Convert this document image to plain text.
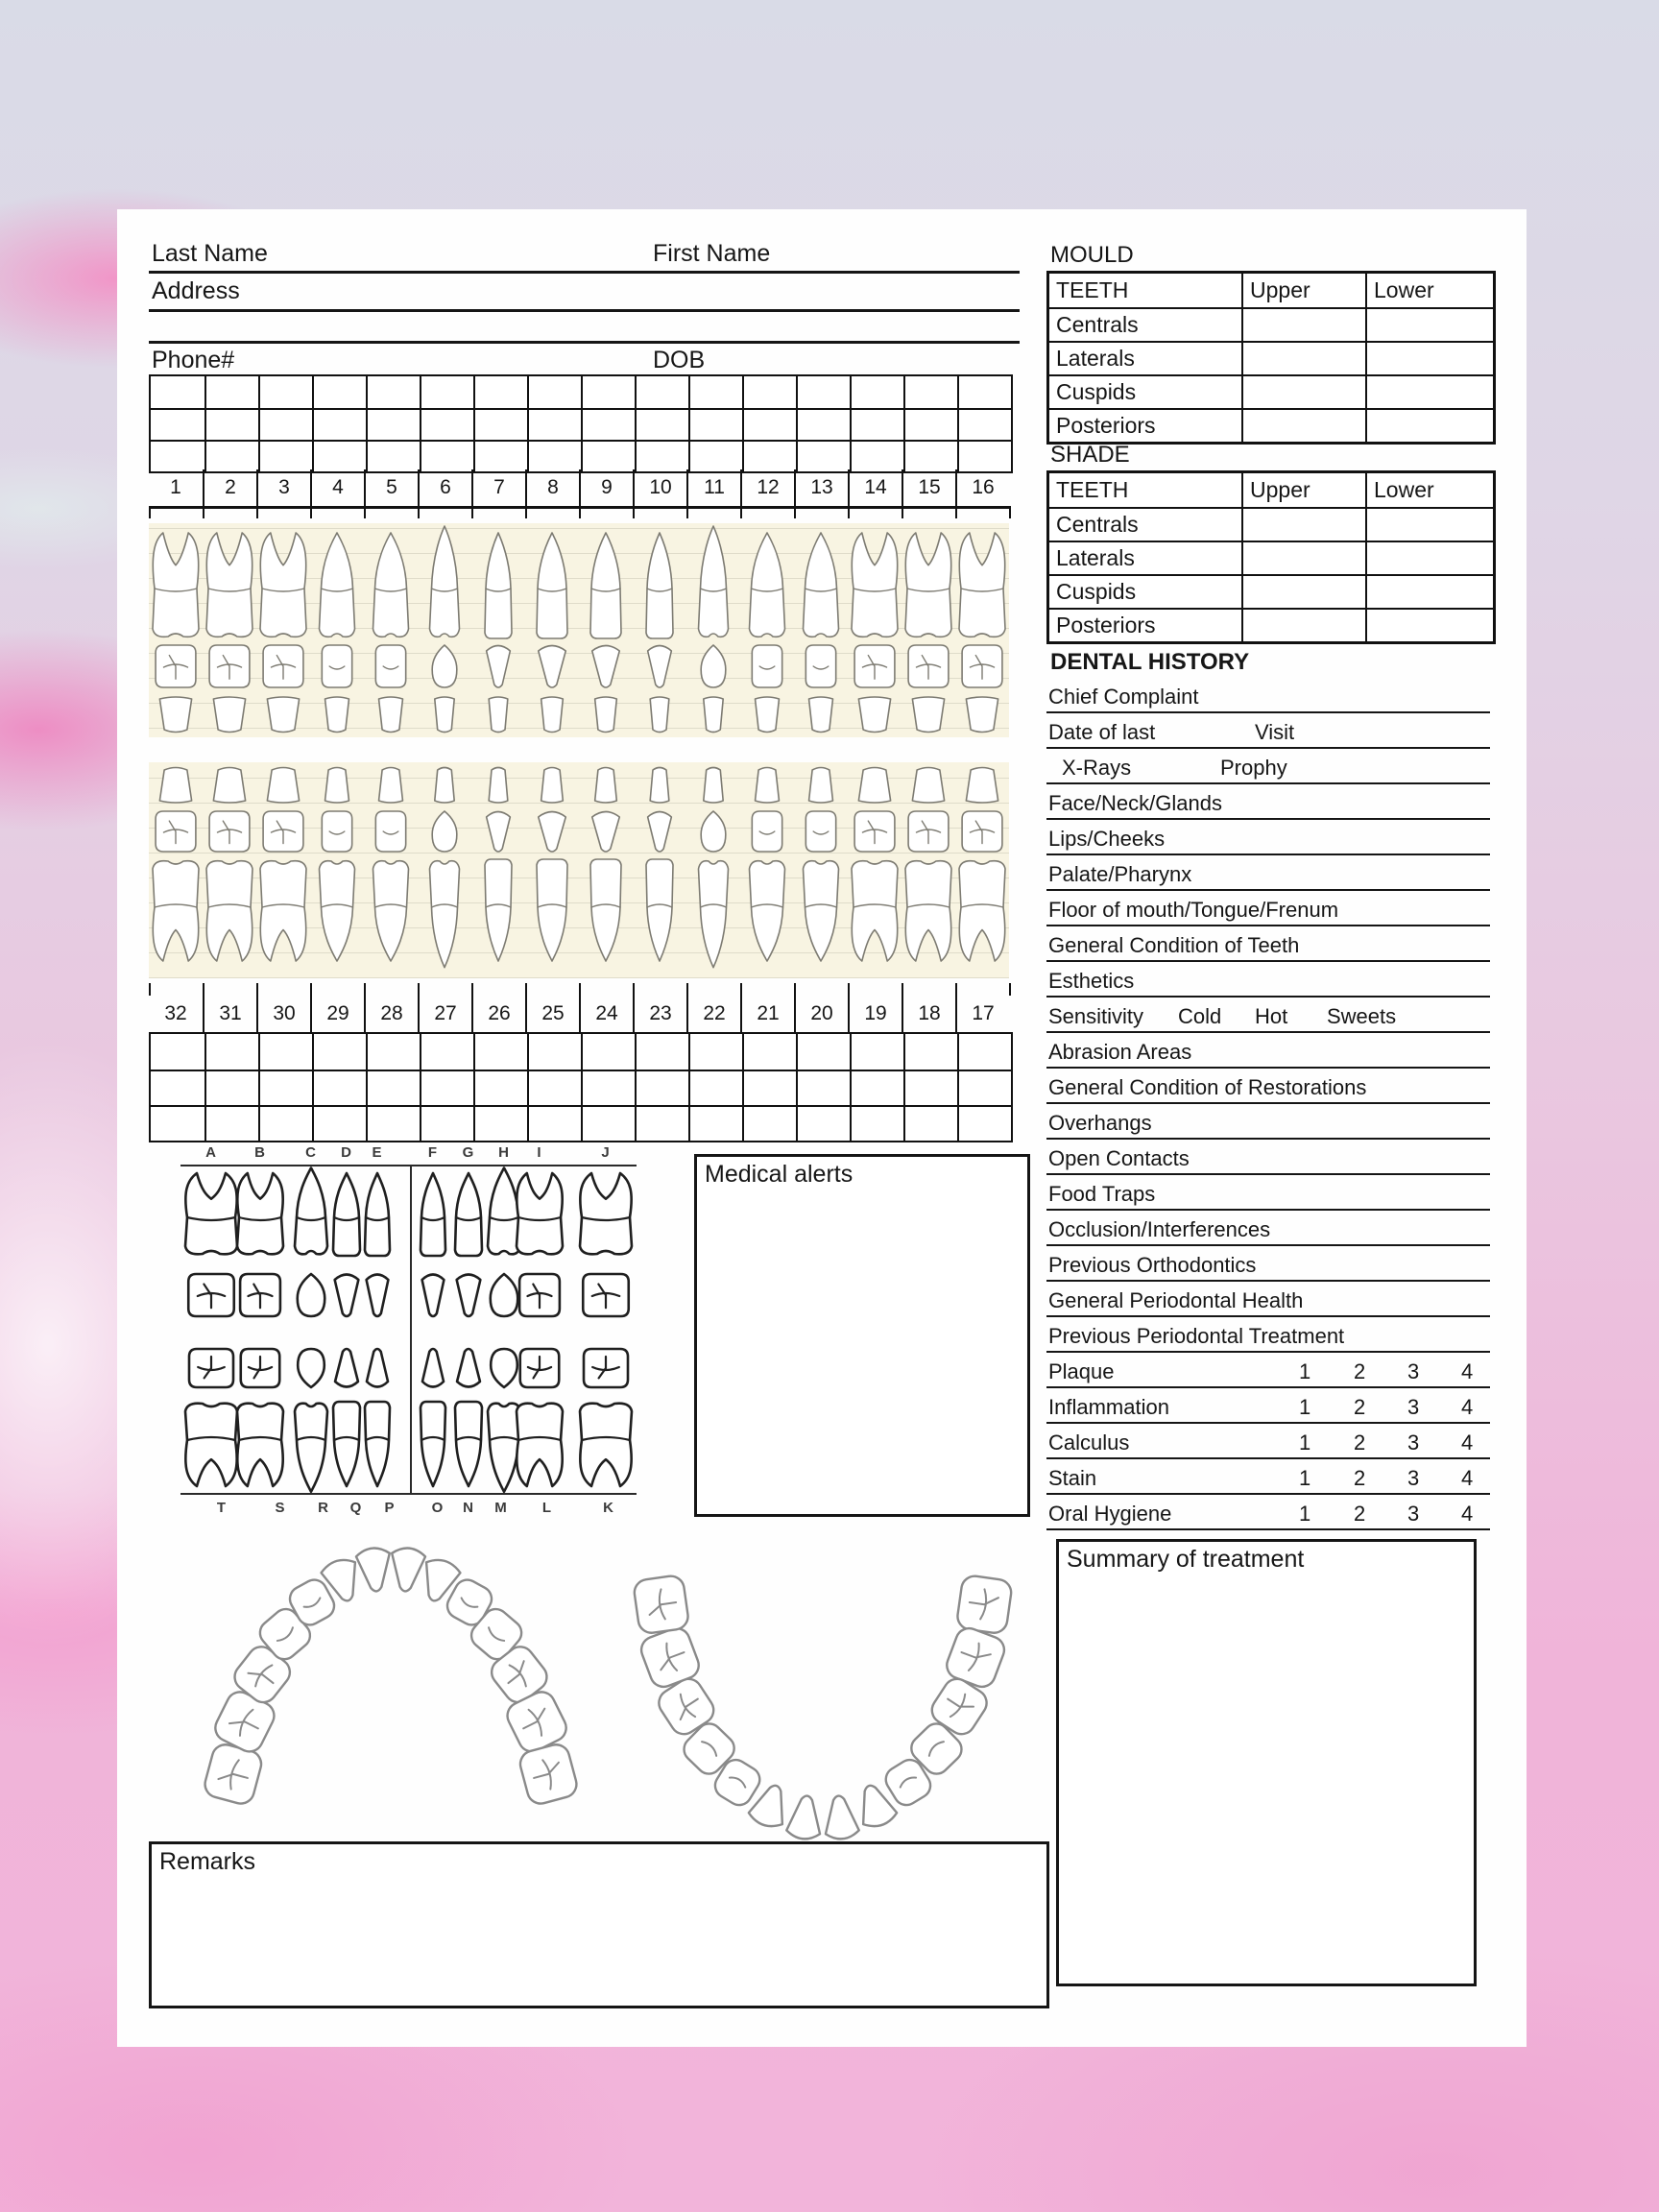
Last Name	First Name
Address
Phone#	DOB
1	2	3	4	5	6	7	8	9	10	11	12	13	14	15	16
32	31	30	29	28	27	26	25	24	23	22	21	20	19	18	17
A	B	C D E	F G H I	J
T	S R Q P	O N M L	K
Medical alerts
Remarks
MOULD
TEETH	Upper	Lower
Centrals
Laterals
Cuspids
Posteriors
SHADE
TEETH	Upper	Lower
Centrals
Laterals
Cuspids
Posteriors
DENTAL HISTORY
Chief Complaint
Date of last	Visit
X-Rays	Prophy
Face/Neck/Glands
Lips/Cheeks
Palate/Pharynx
Floor of mouth/Tongue/Frenum
General Condition of Teeth
Esthetics
Sensitivity Cold Hot Sweets
Abrasion Areas
General Condition of Restorations
Overhangs
Open Contacts
Food Traps
Occlusion/Interferences
Previous Orthodontics
General Periodontal Health
Previous Periodontal Treatment
Plaque	1 2 3 4
Inflammation	1 2 3 4
Calculus	1 2 3 4
Stain	1 2 3 4
Oral Hygiene	1 2 3 4
Summary of treatment
